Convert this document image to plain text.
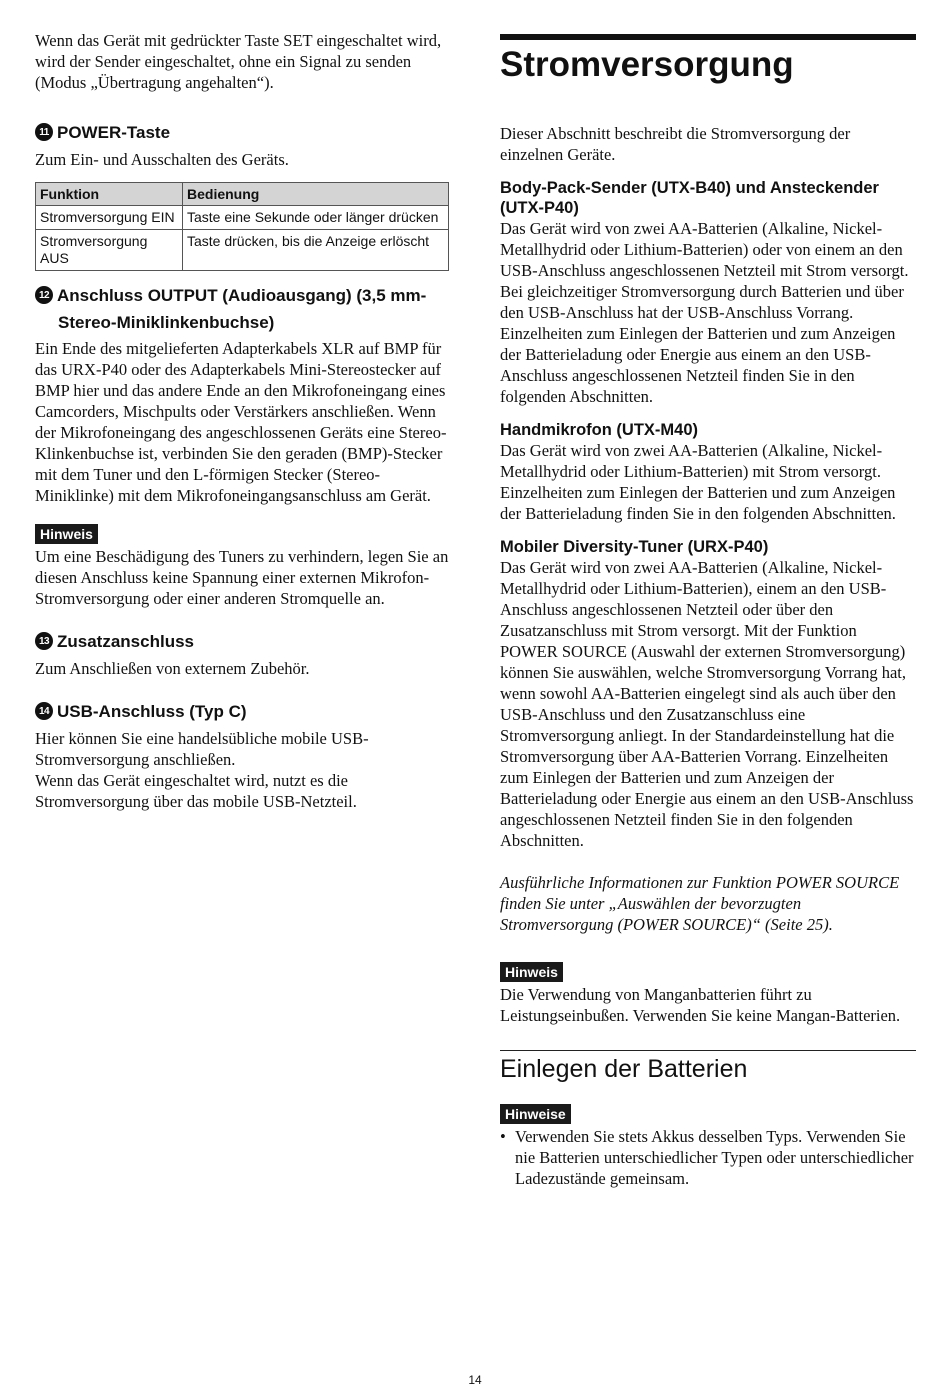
Wenn das Gerät mit gedrückter Taste SET eingeschaltet wird, wird der Sender eingeschaltet, ohne ein Signal zu senden (Modus „Übertragung angehalten“).

11 POWER-Taste

Zum Ein- und Ausschalten des Geräts.

Funktion	Bedienung
Stromversorgung EIN	Taste eine Sekunde oder länger drücken
Stromversorgung AUS	Taste drücken, bis die Anzeige erlöscht
12 Anschluss OUTPUT (Audioausgang) (3,5 mm-
Stereo-Miniklinkenbuchse)

Ein Ende des mitgelieferten Adapterkabels XLR auf BMP für das URX-P40 oder des Adapterkabels Mini-Stereostecker auf BMP hier und das andere Ende an den Mikrofoneingang eines Camcorders, Mischpults oder Verstärkers anschließen. Wenn der Mikrofoneingang des angeschlossenen Geräts eine Stereo-Klinkenbuchse ist, verbinden Sie den geraden (BMP)-Stecker mit dem Tuner und den L-förmigen Stecker (Stereo-Miniklinke) mit dem Mikrofoneingangsanschluss am Gerät.

Hinweis

Um eine Beschädigung des Tuners zu verhindern, legen Sie an diesen Anschluss keine Spannung einer externen Mikrofon-Stromversorgung oder einer anderen Stromquelle an.

13 Zusatzanschluss

Zum Anschließen von externem Zubehör.

14 USB-Anschluss (Typ C)

Hier können Sie eine handelsübliche mobile USB-Stromversorgung anschließen.

Wenn das Gerät eingeschaltet wird, nutzt es die Stromversorgung über das mobile USB-Netzteil.

Stromversorgung

Dieser Abschnitt beschreibt die Stromversorgung der einzelnen Geräte.

Body-Pack-Sender (UTX-B40) und Ansteckender (UTX-P40)

Das Gerät wird von zwei AA-Batterien (Alkaline, Nickel-Metallhydrid oder Lithium-Batterien) oder von einem an den USB-Anschluss angeschlossenen Netzteil mit Strom versorgt. Bei gleichzeitiger Stromversorgung durch Batterien und über den USB-Anschluss hat der USB-Anschluss Vorrang. Einzelheiten zum Einlegen der Batterien und zum Anzeigen der Batterieladung oder Energie aus einem an den USB-Anschluss angeschlossenen Netzteil finden Sie in den folgenden Abschnitten.

Handmikrofon (UTX-M40)

Das Gerät wird von zwei AA-Batterien (Alkaline, Nickel-Metallhydrid oder Lithium-Batterien) mit Strom versorgt. Einzelheiten zum Einlegen der Batterien und zum Anzeigen der Batterieladung finden Sie in den folgenden Abschnitten.

Mobiler Diversity-Tuner (URX-P40)

Das Gerät wird von zwei AA-Batterien (Alkaline, Nickel-Metallhydrid oder Lithium-Batterien), einem an den USB-Anschluss angeschlossenen Netzteil oder über den Zusatzanschluss mit Strom versorgt. Mit der Funktion POWER SOURCE (Auswahl der externen Stromversorgung) können Sie auswählen, welche Stromversorgung Vorrang hat, wenn sowohl AA-Batterien eingelegt sind als auch über den USB-Anschluss und den Zusatzanschluss eine Stromversorgung anliegt. In der Standardeinstellung hat die Stromversorgung über AA-Batterien Vorrang. Einzelheiten zum Einlegen der Batterien und zum Anzeigen der Batterieladung oder Energie aus einem an den USB-Anschluss angeschlossenen Netzteil finden Sie in den folgenden Abschnitten.

Ausführliche Informationen zur Funktion POWER SOURCE finden Sie unter „Auswählen der bevorzugten Stromversorgung (POWER SOURCE)“ (Seite 25).

Hinweis

Die Verwendung von Manganbatterien führt zu Leistungseinbußen. Verwenden Sie keine Mangan-Batterien.

Einlegen der Batterien
Hinweise
• Verwenden Sie stets Akkus desselben Typs. Verwenden Sie nie Batterien unterschiedlicher Typen oder unterschiedlicher Ladezustände gemeinsam.
14
